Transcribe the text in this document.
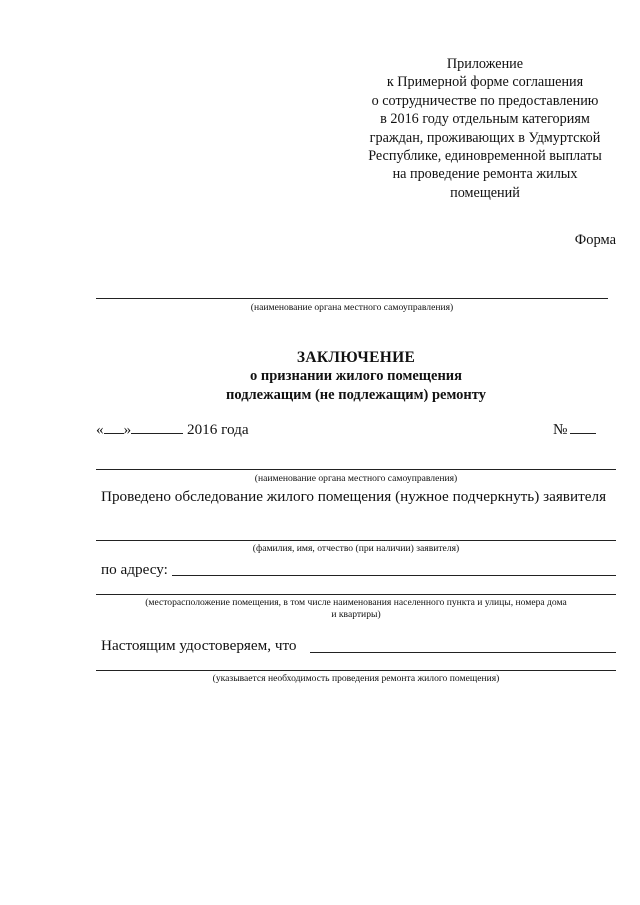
Приложение
к Примерной форме соглашения
о сотрудничестве по предоставлению
в 2016 году отдельным категориям
граждан, проживающих в Удмуртской
Республике, единовременной выплаты
на проведение ремонта жилых
помещений
Форма
(наименование органа местного самоуправления)
ЗАКЛЮЧЕНИЕ
о признании жилого помещения
подлежащим (не подлежащим) ремонту
« »	2016 года	№
(наименование органа местного самоуправления)
Проведено обследование жилого помещения (нужное подчеркнуть) заявителя
(фамилия, имя, отчество (при наличии) заявителя)
по адресу:
(месторасположение помещения, в том числе наименования населенного пункта и улицы, номера дома
и квартиры)
Настоящим удостоверяем, что
(указывается необходимость проведения ремонта жилого помещения)
